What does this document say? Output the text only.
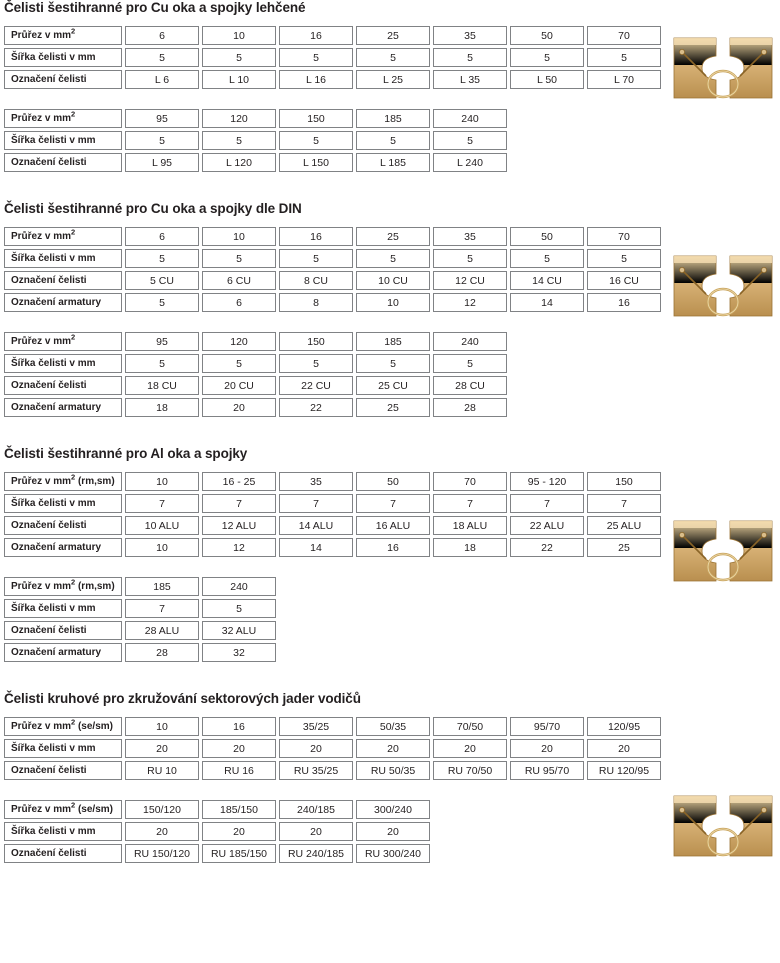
Čelisti šestihranné pro Cu oka a spojky lehčené
Průřez v $mm^2$	6	10	16	25	35	50	70
Šířka čelisti v mm	5	5	5	5	5	5	5
Označení čelisti	L 6	L 10	L 16	L 25	L 35	L 50	L 70
Průřez v $mm^2$	95	120	150	185	240
Šířka čelisti v mm	5	5	5	5	5
Označení čelisti	L 95	L 120	L 150	L 185	L 240
Čelisti šestihranné pro Cu oka a spojky dle DIN
Průřez v $mm^2$	6	10	16	25	35	50	70
Šířka čelisti v mm	5	5	5	5	5	5	5
Označení čelisti	5 CU	6 CU	8 CU	10 CU	12 CU	14 CU	16 CU
Označení armatury	5	6	8	10	12	14	16
Průřez v $mm^2$	95	120	150	185	240
Šířka čelisti v mm	5	5	5	5	5
Označení čelisti	18 CU	20 CU	22 CU	25 CU	28 CU
Označení armatury	18	20	22	25	28
Čelisti šestihranné pro Al oka a spojky
Průřez v $mm^2$ (rm,sm)	10	16 - 25	35	50	70	95 - 120	150
Šířka čelisti v mm	7	7	7	7	7	7	7
Označení čelisti	10 ALU	12 ALU	14 ALU	16 ALU	18 ALU	22 ALU	25 ALU
Označení armatury	10	12	14	16	18	22	25
Průřez v $mm^2$ (rm,sm)	185	240
Šířka čelisti v mm	7	5
Označení čelisti	28 ALU	32 ALU
Označení armatury	28	32
Čelisti kruhové pro zkružování sektorových jader vodičů
Průřez v $mm^2$ (se/sm)	10	16	35/25	50/35	70/50	95/70	120/95
Šířka čelisti v mm	20	20	20	20	20	20	20
Označení čelisti	RU 10	RU 16	RU 35/25	RU 50/35	RU 70/50	RU 95/70	RU 120/95
Průřez v $mm^2$ (se/sm)	150/120	185/150	240/185	300/240
Šířka čelisti v mm	20	20	20	20
Označení čelisti	RU 150/120	RU 185/150	RU 240/185	RU 300/240
